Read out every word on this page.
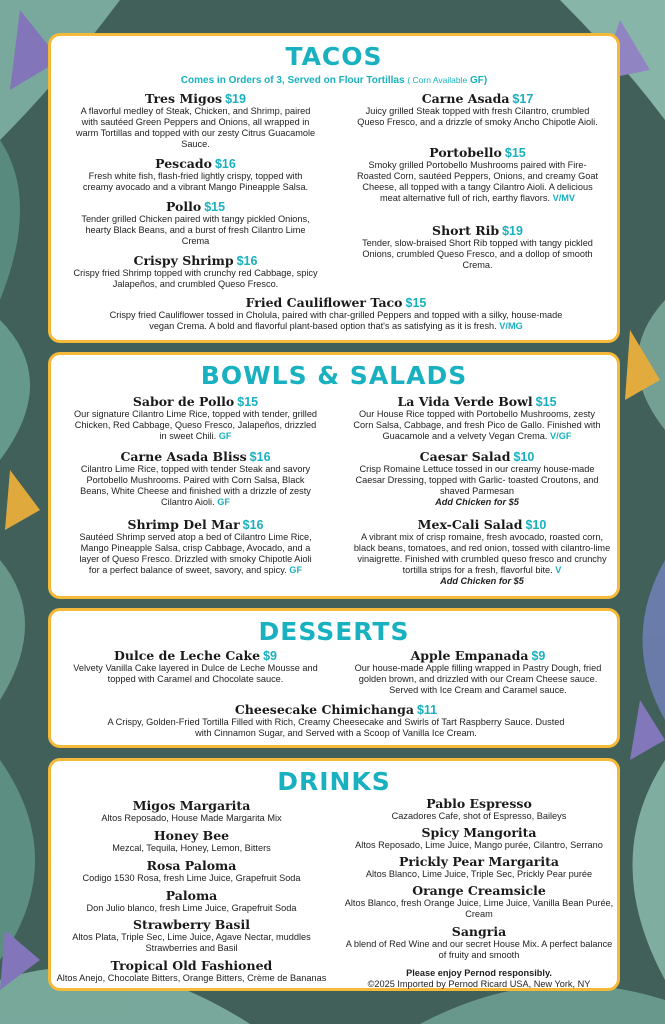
TACOS
Comes in Orders of 3, Served on Flour Tortillas ( Corn Available GF)
Tres Migos $19

A flavorful medley of Steak, Chicken, and Shrimp, paired with sautéed Green Peppers and Onions, all wrapped in warm Tortillas and topped with our zesty Citrus Guacamole Sauce.

Pescado $16

Fresh white fish, flash-fried lightly crispy, topped with creamy avocado and a vibrant Mango Pineapple Salsa.

Pollo $15

Tender grilled Chicken paired with tangy pickled Onions, hearty Black Beans, and a burst of fresh Cilantro Lime Crema

Crispy Shrimp $16

Crispy fried Shrimp topped with crunchy red Cabbage, spicy Jalapeños, and crumbled Queso Fresco.

Carne Asada $17

Juicy grilled Steak topped with fresh Cilantro, crumbled Queso Fresco, and a drizzle of smoky Ancho Chipotle Aioli.

Portobello $15

Smoky grilled Portobello Mushrooms paired with Fire-Roasted Corn, sautéed Peppers, Onions, and creamy Goat Cheese, all topped with a tangy Cilantro Aioli. A delicious meat alternative full of rich, earthy flavors. V/MV

Short Rib $19

Tender, slow-braised Short Rib topped with tangy pickled Onions, crumbled Queso Fresco, and a dollop of smooth Crema.

Fried Cauliflower Taco $15

Crispy fried Cauliflower tossed in Cholula, paired with char-grilled Peppers and topped with a silky, house-made vegan Crema. A bold and flavorful plant-based option that's as satisfying as it is fresh. V/MG

BOWLS & SALADS
Sabor de Pollo $15

Our signature Cilantro Lime Rice, topped with tender, grilled Chicken, Red Cabbage, Queso Fresco, Jalapeños, drizzled in sweet Chili. GF

Carne Asada Bliss $16

Cilantro Lime Rice, topped with tender Steak and savory Portobello Mushrooms. Paired with Corn Salsa, Black Beans, White Cheese and finished with a drizzle of zesty Cilantro Aioli. GF

Shrimp Del Mar $16

Sautéed Shrimp served atop a bed of Cilantro Lime Rice, Mango Pineapple Salsa, crisp Cabbage, Avocado, and a layer of Queso Fresco. Drizzled with smoky Chipotle Aioli for a perfect balance of sweet, savory, and spicy. GF

La Vida Verde Bowl $15

Our House Rice topped with Portobello Mushrooms, zesty Corn Salsa, Cabbage, and fresh Pico de Gallo. Finished with Guacamole and a velvety Vegan Crema. V/GF

Caesar Salad $10

Crisp Romaine Lettuce tossed in our creamy house-made Caesar Dressing, topped with Garlic- toasted Croutons, and shaved Parmesan

Add Chicken for $5

Mex-Cali Salad $10

A vibrant mix of crisp romaine, fresh avocado, roasted corn, black beans, tomatoes, and red onion, tossed with cilantro-lime vinaigrette. Finished with crumbled queso fresco and crunchy tortilla strips for a fresh, flavorful bite. V

Add Chicken for $5

DESSERTS
Dulce de Leche Cake $9

Velvety Vanilla Cake layered in Dulce de Leche Mousse and topped with Caramel and Chocolate sauce.

Apple Empanada $9

Our house-made Apple filling wrapped in Pastry Dough, fried golden brown, and drizzled with our Cream Cheese sauce. Served with Ice Cream and Caramel sauce.

Cheesecake Chimichanga $11

A Crispy, Golden-Fried Tortilla Filled with Rich, Creamy Cheesecake and Swirls of Tart Raspberry Sauce. Dusted with Cinnamon Sugar, and Served with a Scoop of Vanilla Ice Cream.

DRINKS
Migos Margarita

Altos Reposado, House Made Margarita Mix

Honey Bee

Mezcal, Tequila, Honey, Lemon, Bitters

Rosa Paloma

Codigo 1530 Rosa, fresh Lime Juice, Grapefruit Soda

Paloma

Don Julio blanco, fresh Lime Juice, Grapefruit Soda

Strawberry Basil

Altos Plata, Triple Sec, Lime Juice, Agave Nectar, muddles Strawberries and Basil

Tropical Old Fashioned

Altos Anejo, Chocolate Bitters, Orange Bitters, Crème de Bananas

Pablo Espresso

Cazadores Cafe, shot of Espresso, Baileys

Spicy Mangorita

Altos Reposado, Lime Juice, Mango purée, Cilantro, Serrano

Prickly Pear Margarita

Altos Blanco, Lime Juice, Triple Sec, Prickly Pear purée

Orange Creamsicle

Altos Blanco, fresh Orange Juice, Lime Juice, Vanilla Bean Purée, Cream

Sangria

A blend of Red Wine and our secret House Mix. A perfect balance of fruity and smooth

Please enjoy Pernod responsibly.

©2025 Imported by Pernod Ricard USA, New York, NY
